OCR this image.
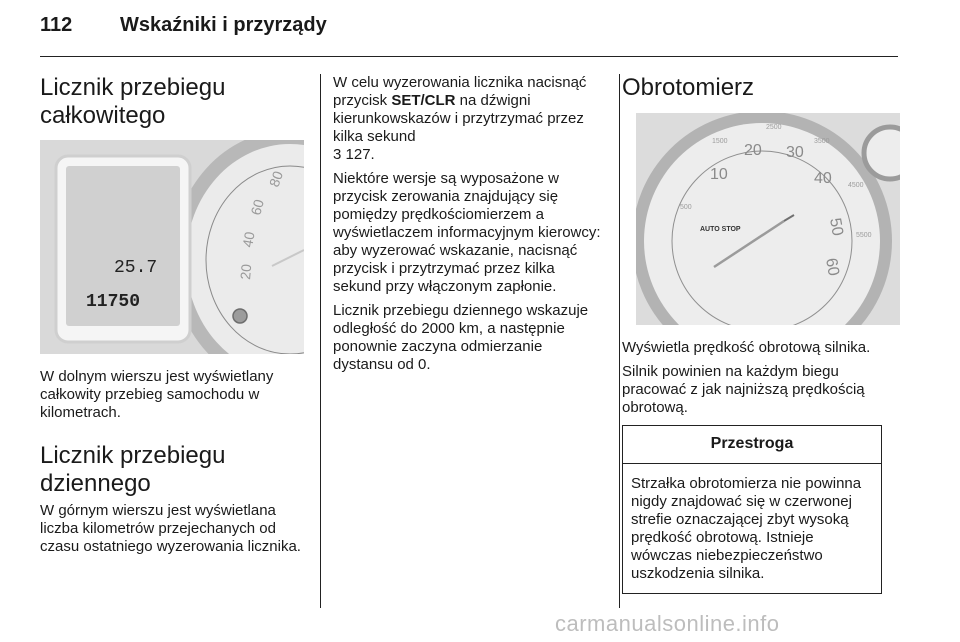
112 Wskaźniki i przyrządy
Licznik przebiegu całkowitego
80
60
40
20
25.7
11750

W dolnym wierszu jest wyświetlany całkowity przebieg samochodu w kilometrach.

Licznik przebiegu dziennego

W górnym wierszu jest wyświetlana liczba kilometrów przejechanych od czasu ostatniego wyzerowania licznika.

W celu wyzerowania licznika nacisnąć przycisk SET/CLR na dźwigni kierunkowskazów i przytrzymać przez kilka sekund
3 127.

Niektóre wersje są wyposażone w przycisk zerowania znajdujący się pomiędzy prędkościomierzem a wyświetlaczem informacyjnym kierowcy: aby wyzerować wskazanie, nacisnąć przycisk i przytrzymać przez kilka sekund przy włączonym zapłonie.

Licznik przebiegu dziennego wskazuje odległość do 2000 km, a następnie ponownie zaczyna odmierzanie dystansu od 0.

Obrotomierz
10
20 30
40
50
60
500
1500
2500
3500
4500
5500
AUTO STOP

Wyświetla prędkość obrotową silnika.

Silnik powinien na każdym biegu pracować z jak najniższą prędkością obrotową.

Przestroga
Strzałka obrotomierza nie powinna nigdy znajdować się w czerwonej strefie oznaczającej zbyt wysoką prędkość obrotową. Istnieje wówczas niebezpieczeństwo uszkodzenia silnika.
carmanualsonline.info
